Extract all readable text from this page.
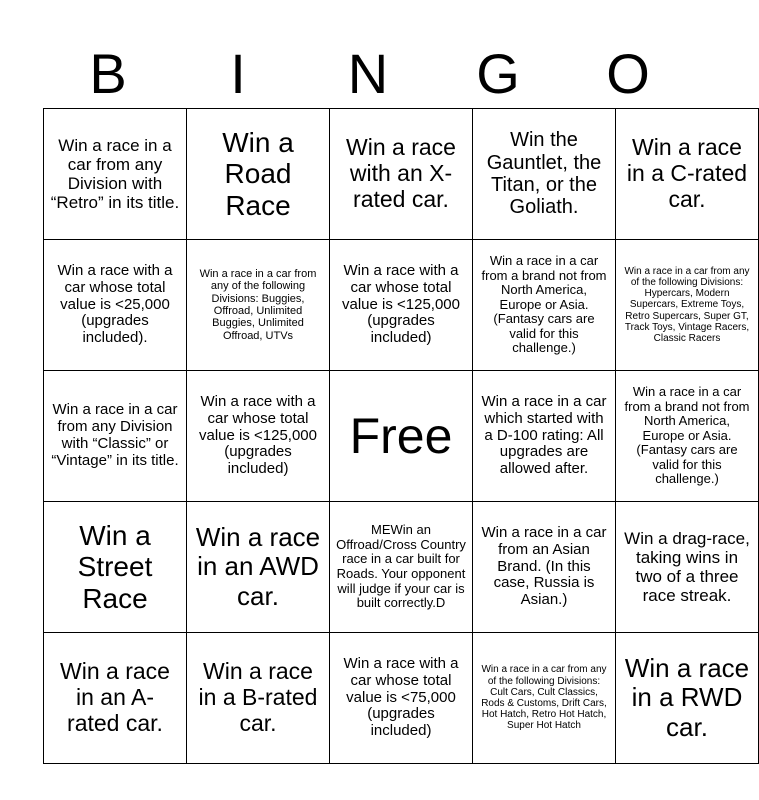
B	I	N	G	O
Win a race in a car from any Division with “Retro” in its title.	Win a Road Race	Win a race with an X-rated car.	Win the Gauntlet, the Titan, or the Goliath.	Win a race in a C-rated car.
Win a race with a car whose total value is <25,000 (upgrades included).	Win a race in a car from any of the following Divisions: Buggies, Offroad, Unlimited Buggies, Unlimited Offroad, UTVs	Win a race with a car whose total value is <125,000 (upgrades included)	Win a race in a car from a brand not from North America, Europe or Asia. (Fantasy cars are valid for this challenge.)	Win a race in a car from any of the following Divisions: Hypercars, Modern Supercars, Extreme Toys, Retro Supercars, Super GT, Track Toys, Vintage Racers, Classic Racers
Win a race in a car from any Division with “Classic” or “Vintage” in its title.	Win a race with a car whose total value is <125,000 (upgrades included)	Free	Win a race in a car which started with a D-100 rating: All upgrades are allowed after.	Win a race in a car from a brand not from North America, Europe or Asia. (Fantasy cars are valid for this challenge.)
Win a Street Race	Win a race in an AWD car.	MEWin an Offroad/Cross Country race in a car built for Roads. Your opponent will judge if your car is built correctly.D	Win a race in a car from an Asian Brand. (In this case, Russia is Asian.)	Win a drag-race, taking wins in two of a three race streak.
Win a race in an A-rated car.	Win a race in a B-rated car.	Win a race with a car whose total value is <75,000 (upgrades included)	Win a race in a car from any of the following Divisions: Cult Cars, Cult Classics, Rods & Customs, Drift Cars, Hot Hatch, Retro Hot Hatch, Super Hot Hatch	Win a race in a RWD car.
